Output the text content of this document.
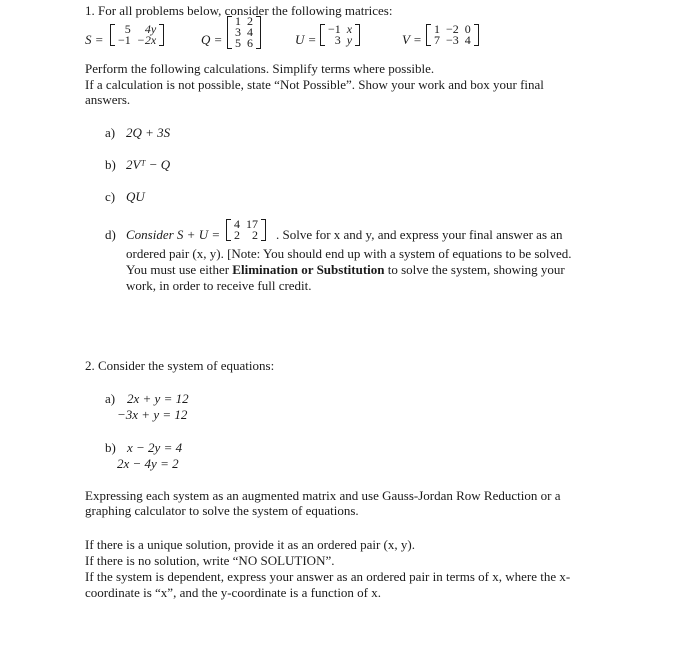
1. For all problems below, consider the following matrices:
S =
5	4y
−1	−2x	Q =
1	2
3	4
5	6	U =
−1	x
3	y	V =
1	−2	0
7	−3	4
Perform the following calculations. Simplify terms where possible.
If a calculation is not possible, state “Not Possible”. Show your work and box your final
answers.
a) 2Q + 3S
b) 2Vᵀ − Q
c) QU
d) Consider S + U =
4	17
2	2 . Solve for x and y, and express your final answer as an
ordered pair (x, y). [Note: You should end up with a system of equations to be solved.
You must use either Elimination or Substitution to solve the system, showing your
work, in order to receive full credit.
2. Consider the system of equations:
a) 2x + y = 12
−3x + y = 12
b) x − 2y = 4
2x − 4y = 2
Expressing each system as an augmented matrix and use Gauss-Jordan Row Reduction or a
graphing calculator to solve the system of equations.
If there is a unique solution, provide it as an ordered pair (x, y).
If there is no solution, write “NO SOLUTION”.
If the system is dependent, express your answer as an ordered pair in terms of x, where the x-
coordinate is “x”, and the y-coordinate is a function of x.
